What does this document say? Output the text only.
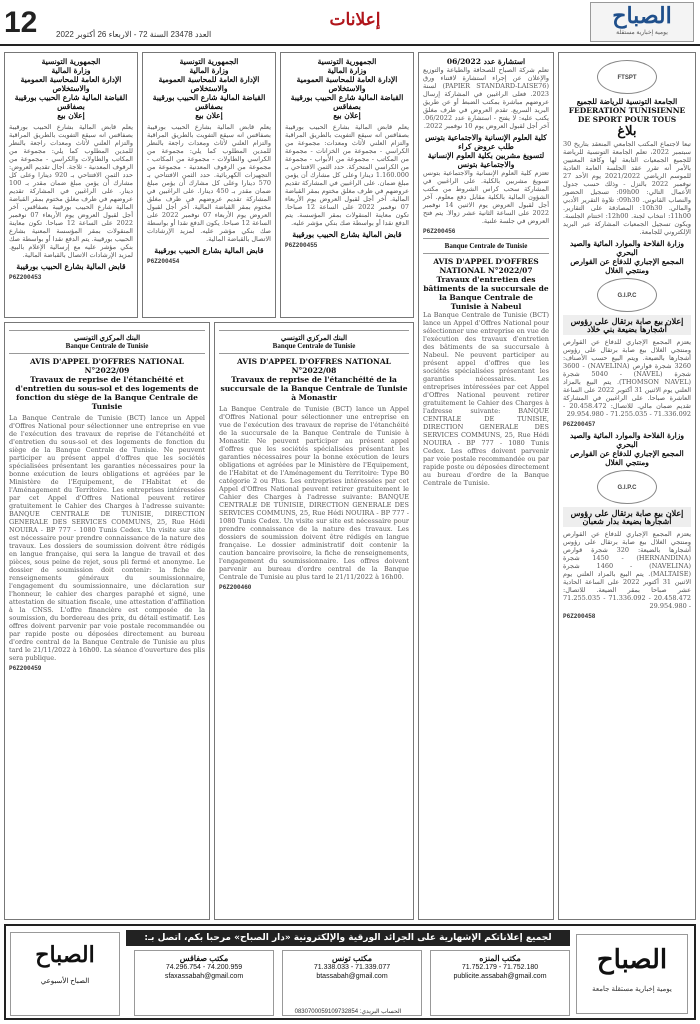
12 العدد 23478 السنة 72 - الاربعاء 26 أكتوبر 2022
إعلانات	الصباح
يومية إخبارية مستقلة
الجمهورية التونسية
وزارة المالية
الإدارة العامة للمحاسبة العمومية والاستخلاص
القباضة المالية شارع الحبيب بورقيبة بصفاقس
إعلان بيع
يعلم قابض المالية بشارع الحبيب بورقيبة بصفاقس انه سيقع التفويت بالطريق المراقبة والتزام العلني لأثاث ومعدات راجعة بالنظر للمدين المطلوب كما يلي: مجموعة من المكاتب والطاولات والكراسي - مجموعة من الرفوف المعدنية - ثلاجة. آجال تقديم العروض: حدد الثمن الافتتاحي بـ 920 دينارا وعلى كل مشارك أن يؤمن مبلغ ضمان مقدر بـ 100 دينار. على الراغبين في المشاركة تقديم عروضهم في ظرف مغلق مختوم بمقر القباضة المالية شارع الحبيب بورقيبة بصفاقس. آخر أجل لقبول العروض يوم الأربعاء 07 نوفمبر 2022 على الساعة 12 صباحا. تكون معاينة المنقولات بمقر المؤسسة المعنية بشارع الحبيب بورقيبة. يتم الدفع نقدا أو بواسطة صك بنكي مؤشر عليه مع إرسالية الإعلام بالبيع. لمزيد الإرشادات الاتصال بالقباضة المالية.
قابض المالية بشارع الحبيب بورقيبة
P6Z200453
الجمهورية التونسية
وزارة المالية
الإدارة العامة للمحاسبة العمومية والاستخلاص
القباضة المالية شارع الحبيب بورقيبة بصفاقس
إعلان بيع
يعلم قابض المالية بشارع الحبيب بورقيبة بصفاقس انه سيقع التفويت بالطريق المراقبة والتزام العلني لأثاث ومعدات راجعة بالنظر للمدين المطلوب كما يلي: مجموعة من الكراسي والطاولات - مجموعة من المكاتب - مجموعة من الرفوف المعدنية - مجموعة من التجهيزات الكهربائية. حدد الثمن الافتتاحي بـ 570 دينارا وعلى كل مشارك أن يؤمن مبلغ ضمان مقدر بـ 450 دينارا. على الراغبين في المشاركة تقديم عروضهم في ظرف مغلق مختوم بمقر القباضة المالية. آخر أجل لقبول العروض يوم الأربعاء 07 نوفمبر 2022 على الساعة 12 صباحا. يكون الدفع نقدا أو بواسطة صك بنكي مؤشر عليه. لمزيد الإرشادات الاتصال بالقباضة المالية.
قابض المالية بشارع الحبيب بورقيبة
P6Z200454
الجمهورية التونسية
وزارة المالية
الإدارة العامة للمحاسبة العمومية والاستخلاص
القباضة المالية شارع الحبيب بورقيبة بصفاقس
إعلان بيع
يعلم قابض المالية بشارع الحبيب بورقيبة بصفاقس انه سيقع التفويت بالطريق المراقبة والتزام العلني لأثاث ومعدات: مجموعة من الكراسي - مجموعة من الخزانات - مجموعة من المكاتب - مجموعة من الأبواب - مجموعة من الكراسي المتحركة. حدد الثمن الافتتاحي بـ 1.160.000 دينارا وعلى كل مشارك أن يؤمن مبلغ ضمان. على الراغبين في المشاركة تقديم عروضهم في ظرف مغلق مختوم بمقر القباضة المالية. آخر أجل لقبول العروض يوم الأربعاء 07 نوفمبر 2022 على الساعة 12 صباحا. تكون معاينة المنقولات بمقر المؤسسة. يتم الدفع نقدا أو بواسطة صك بنكي مؤشر عليه.
قابض المالية بشارع الحبيب بورقيبة
P6Z200455
استشارة عدد 06/2022
تعلم شركة الصباح للصحافة والطباعة والتوزيع والإعلان عن إجراء استشارة لاقتناء ورق (PAPIER STANDARD-LAISE76) لسنة 2023. فعلى الراغبين في المشاركة إرسال عروضهم مباشرة بمكتب الضبط أو عن طريق البريد السريع. تقدم العروض في ظرف مغلق يكتب عليه: لا يفتح - استشارة عدد 06/2022. آخر أجل لقبول العروض يوم 10 نوفمبر 2022.
كلية العلوم الإنسانية والاجتماعية بتونس
طلب عروض كراء
لتسويغ مشربين بكلية العلوم الإنسانية والاجتماعية بتونس
تعتزم كلية العلوم الإنسانية والاجتماعية بتونس تسويغ مشربين بالكلية. على الراغبين في المشاركة سحب كراس الشروط من مكتب الشؤون المالية بالكلية مقابل دفع معلوم. آخر أجل لقبول العروض يوم الاثنين 14 نوفمبر 2022 على الساعة الثانية عشر زوالا. يتم فتح العروض في جلسة علنية.
P6Z200456
Banque Centrale de Tunisie
AVIS D'APPEL D'OFFRES NATIONAL N°2022/07
Travaux d'entretien des bâtiments de la succursale de la Banque Centrale de Tunisie à Nabeul
La Banque Centrale de Tunisie (BCT) lance un Appel d'Offres National pour sélectionner une entreprise en vue de l'exécution des travaux d'entretien des bâtiments de sa succursale à Nabeul. Ne peuvent participer au présent appel d'offres que les sociétés spécialisées présentant les garanties nécessaires. Les entreprises intéressées par cet Appel d'Offres National peuvent retirer gratuitement le Cahier des Charges à l'adresse suivante: BANQUE CENTRALE DE TUNISIE, DIRECTION GENERALE DES SERVICES COMMUNS, 25, Rue Hédi NOUIRA - BP 777 - 1080 Tunis Cedex. Les offres doivent parvenir par voie postale recommandée ou par rapide poste ou déposées directement au bureau d'ordre de la Banque Centrale de Tunisie.
FTSPT
الجامعة التونسية للرياضة للجميع
FEDERATION TUNISIENNE DE SPORT POUR TOUS
بلاغ
تبعا لاجتماع المكتب الجامعي المنعقد بتاريخ 30 سبتمبر 2022، تعلم الجامعة التونسية للرياضة للجميع الجمعيات التابعة لها وكافة المعنيين بالأمر أنه تقرر عقد الجلسة العامة العادية للموسم الرياضي 2021/2022 يوم الأحد 27 نوفمبر 2022 بالنزل - وذلك حسب جدول الأعمال التالي: 09h00: تسجيل الحضور والنصاب القانوني. 09h30: تلاوة التقرير الأدبي والمالي. 10h30: المصادقة على التقارير. 11h00: انتخاب لجنة. 12h00: اختتام الجلسة. ويكون تسجيل الجمعيات المشاركة عبر البريد الإلكتروني للجامعة.
وزارة الفلاحة والموارد المائية والصيد البحري
المجمع الإجباري للدفاع عن القوارص ومنتجي الغلال
G.I.P.C
إعلان بيع صابة برتقال على رؤوس أشجارها بضيعة بني خلاد
يعتزم المجمع الإجباري للدفاع عن القوارص ومنتجي الغلال بيع صابة برتقال على رؤوس أشجارها بالضيعة. ويتم البيع حسب الأصناف: 3260 شجرة قوارص (NAVELINA) - 3600 شجرة (NAVEL) - 5040 شجرة (THOMSON NAVEL). يتم البيع بالمزاد العلني يوم الاثنين 31 أكتوبر 2022 على الساعة العاشرة صباحا. على الراغبين في المشاركة تقديم ضمان مالي. للاتصال: 20.458.472 - 71.336.092 - 71.255.035 - 29.954.980
P6Z200457
وزارة الفلاحة والموارد المائية والصيد البحري
المجمع الإجباري للدفاع عن القوارص ومنتجي الغلال
G.I.P.C
إعلان بيع صابة برتقال على رؤوس أشجارها بضيعة بدار شعبان
يعتزم المجمع الإجباري للدفاع عن القوارص ومنتجي الغلال بيع صابة برتقال على رؤوس أشجارها بالضيعة: 320 شجرة قوارص (HERNANDINA) - 1450 شجرة (NAVELINA) - 1460 شجرة (MALTAISE). يتم البيع بالمزاد العلني يوم الاثنين 31 أكتوبر 2022 على الساعة الحادية عشر صباحا بمقر الضيعة. للاتصال: 20.458.472 - 71.336.092 - 71.255.035 - 29.954.980
P6Z200458
البنك المركزي التونسي
Banque Centrale de Tunisie
AVIS D'APPEL D'OFFRES NATIONAL N°2022/09
Travaux de reprise de l'étanchéité et d'entretien du sous-sol et des logements de fonction du siège de la Banque Centrale de Tunisie
La Banque Centrale de Tunisie (BCT) lance un Appel d'Offres National pour sélectionner une entreprise en vue de l'exécution des travaux de reprise de l'étanchéité et d'entretien du sous-sol et des logements de fonction du siège de la Banque Centrale de Tunisie. Ne peuvent participer au présent appel d'offres que les sociétés spécialisées présentant les garanties nécessaires pour la bonne exécution de leurs obligations et agréées par le Ministère de l'Equipement, de l'Habitat et de l'Aménagement du Territoire. Les entreprises intéressées par cet Appel d'Offres National peuvent retirer gratuitement le Cahier des Charges à l'adresse suivante: BANQUE CENTRALE DE TUNISIE, DIRECTION GENERALE DES SERVICES COMMUNS, 25, Rue Hédi NOUIRA - BP 777 - 1080 Tunis Cedex. Un visite sur site est nécessaire pour prendre connaissance de la nature des travaux. Les dossiers de soumission doivent être rédigés en langue française, qui sera la langue de travail et des pièces, sous peine de rejet, sous pli fermé et anonyme. Le dossier de soumission doit contenir: la fiche de renseignements généraux du soumissionnaire, l'engagement du soumissionnaire, une déclaration sur l'honneur, le cahier des charges paraphé et signé, une attestation de situation fiscale, une attestation d'affiliation à la CNSS. L'offre financière est composée de la soumission, du bordereau des prix, du détail estimatif. Les offres doivent parvenir par voie postale recommandée ou par rapide poste ou déposées directement au bureau d'ordre central de la Banque Centrale de Tunisie au plus tard le 21/11/2022 à 16h00. La séance d'ouverture des plis sera publique.
P6Z200459
البنك المركزي التونسي
Banque Centrale de Tunisie
AVIS D'APPEL D'OFFRES NATIONAL N°2022/08
Travaux de reprise de l'étanchéité de la succursale de la Banque Centrale de Tunisie à Monastir
La Banque Centrale de Tunisie (BCT) lance un Appel d'Offres National pour sélectionner une entreprise en vue de l'exécution des travaux de reprise de l'étanchéité de la succursale de la Banque Centrale de Tunisie à Monastir. Ne peuvent participer au présent appel d'offres que les sociétés spécialisées présentant les garanties nécessaires pour la bonne exécution de leurs obligations et agréées par le Ministère de l'Equipement, de l'Habitat et de l'Aménagement du Territoire: Type B0 catégorie 2 ou Plus. Les entreprises intéressées par cet Appel d'Offres National peuvent retirer gratuitement le Cahier des Charges à l'adresse suivante: BANQUE CENTRALE DE TUNISIE, DIRECTION GENERALE DES SERVICES COMMUNS, 25, Rue Hédi NOUIRA - BP 777 - 1080 Tunis Cedex. Un visite sur site est nécessaire pour prendre connaissance de la nature des travaux. Les dossiers de soumission doivent être rédigés en langue française. Le dossier administratif doit contenir la caution bancaire provisoire, la fiche de renseignements, l'engagement du soumissionnaire. Les offres doivent parvenir au bureau d'ordre central de la Banque Centrale de Tunisie au plus tard le 21/11/2022 à 16h00.
P6Z200460
الصباح
يومية إخبارية مستقلة جامعة
لجميع إعلاناتكم الإشهارية على الجرائد الورقية والإلكترونية «دار الصباح» مرحبا بكم، اتصل بـ:
مكتب المنزه
71.752.179 - 71.752.180
publicite.assabah@gmail.com
مكتب تونس
71.338.033 - 71.339.077
btassabah@gmail.com
مكتب صفاقس
74.296.754 - 74.200.959
sfaxassabah@gmail.com
الصباح
الصباح الأسبوعي
الحساب البريدي: 0830700059109732854
